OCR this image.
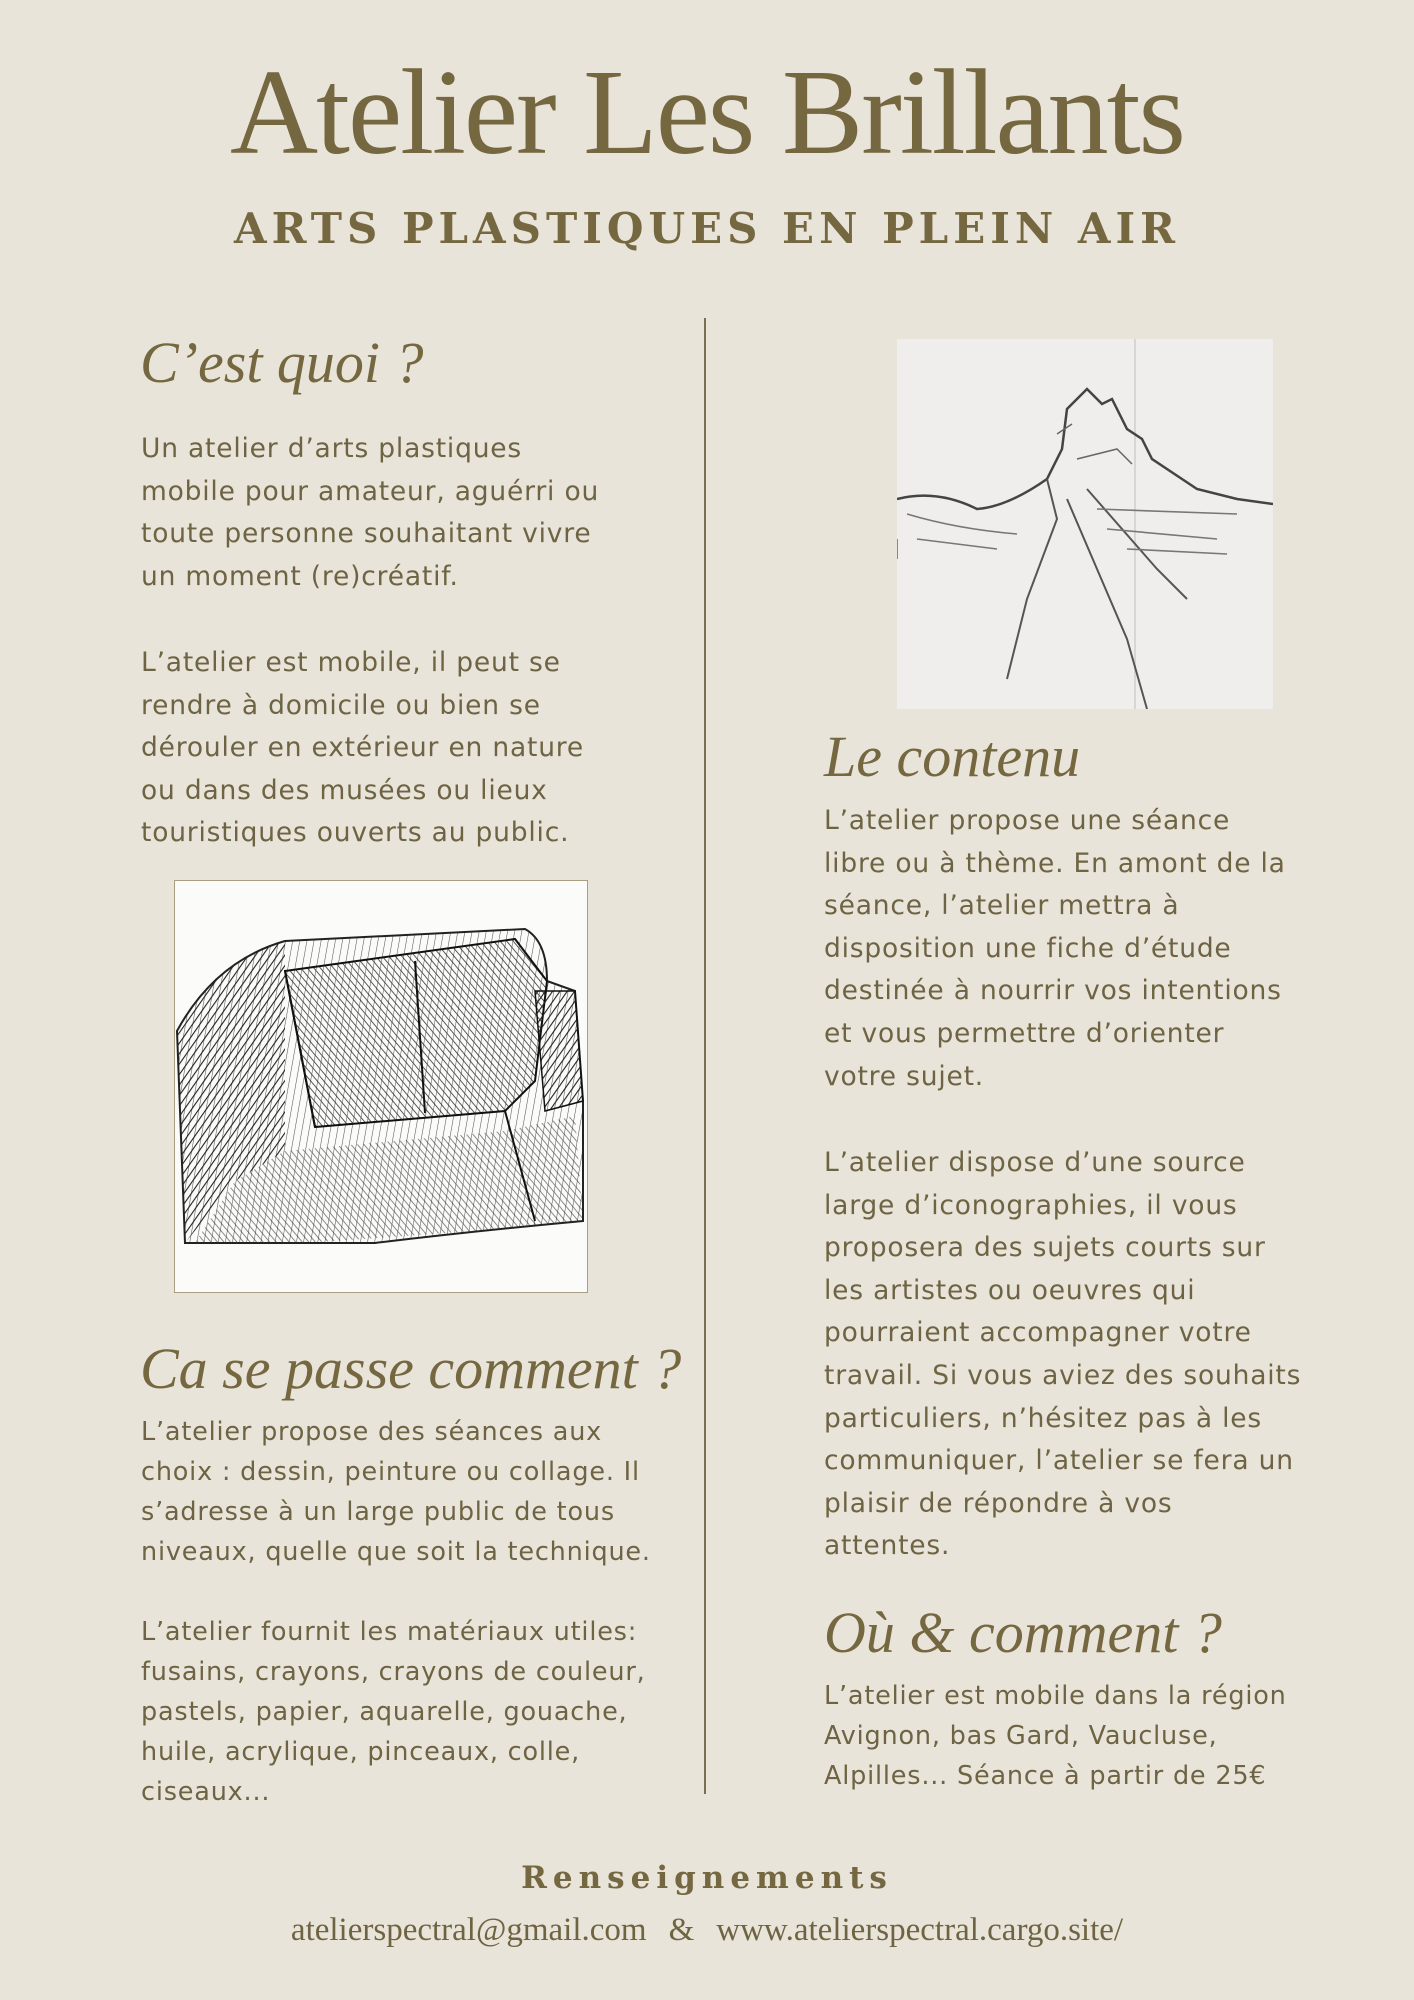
Atelier Les Brillants
ARTS PLASTIQUES EN PLEIN AIR
C’est quoi ?

Un atelier d’arts plastiques
mobile pour amateur, aguérri ou
toute personne souhaitant vivre
un moment (re)créatif.

L’atelier est mobile, il peut se
rendre à domicile ou bien se
dérouler en extérieur en nature
ou dans des musées ou lieux
touristiques ouverts au public.

Ca se passe comment ?

L’atelier propose des séances aux
choix : dessin, peinture ou collage. Il
s’adresse à un large public de tous
niveaux, quelle que soit la technique.

L’atelier fournit les matériaux utiles:
fusains, crayons, crayons de couleur,
pastels, papier, aquarelle, gouache,
huile, acrylique, pinceaux, colle,
ciseaux...

Le contenu

L’atelier propose une séance
libre ou à thème. En amont de la
séance, l’atelier mettra à
disposition une fiche d’étude
destinée à nourrir vos intentions
et vous permettre d’orienter
votre sujet.

L’atelier dispose d’une source
large d’iconographies, il vous
proposera des sujets courts sur
les artistes ou oeuvres qui
pourraient accompagner votre
travail. Si vous aviez des souhaits
particuliers, n’hésitez pas à les
communiquer, l’atelier se fera un
plaisir de répondre à vos
attentes.

Où & comment ?

L’atelier est mobile dans la région
Avignon, bas Gard, Vaucluse,
Alpilles... Séance à partir de 25€

Renseignements
atelierspectral@gmail.com & www.atelierspectral.cargo.site/
